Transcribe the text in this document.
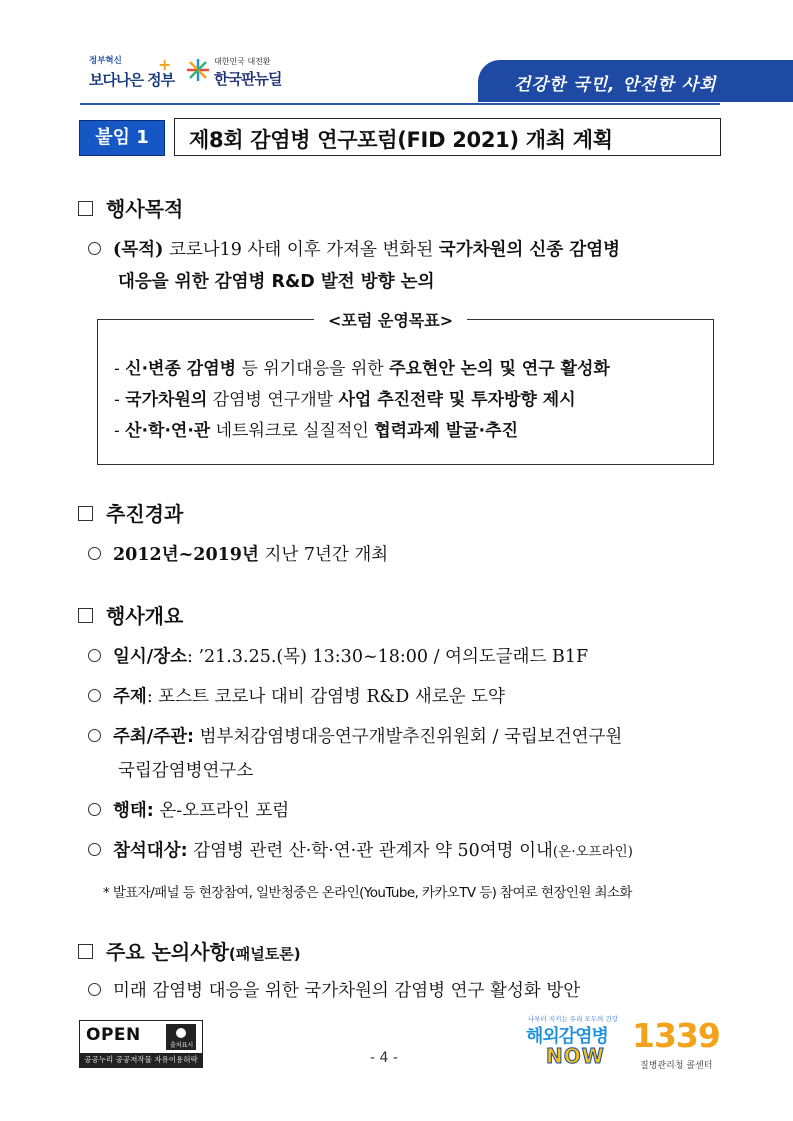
정부혁신
보다나은 정부
+	대한민국 대전환
한국판뉴딜	건강한 국민, 안전한 사회
붙임 1	제8회 감염병 연구포럼(FID 2021) 개최 계획
행사목적
(목적) 코로나19 사태 이후 가져올 변화된 국가차원의 신종 감염병
대응을 위한 감염병 R&D 발전 방향 논의
<포럼 운영목표>
- 신·변종 감염병 등 위기대응을 위한 주요현안 논의 및 연구 활성화
- 국가차원의 감염병 연구개발 사업 추진전략 및 투자방향 제시
- 산·학·연·관 네트워크로 실질적인 협력과제 발굴·추진
추진경과
2012년~2019년 지난 7년간 개최
행사개요
일시/장소: ’21.3.25.(목) 13:30~18:00 / 여의도글래드 B1F
주제: 포스트 코로나 대비 감염병 R&D 새로운 도약
주최/주관: 범부처감염병대응연구개발추진위원회 / 국립보건연구원
국립감염병연구소
행태: 온-오프라인 포럼
참석대상: 감염병 관련 산·학·연·관 관계자 약 50여명 이내(온·오프라인)
* 발표자/패널 등 현장참여, 일반청중은 온라인(YouTube, 카카오TV 등) 참여로 현장인원 최소화
주요 논의사항(패널토론)
미래 감염병 대응을 위한 국가차원의 감염병 연구 활성화 방안
OPEN
출처표시
공공누리 공공저작물 자유이용허락	- 4 -
나부터 지키는 우리 모두의 건강
해외감염병
NOW
1339
질병관리청 콜센터
